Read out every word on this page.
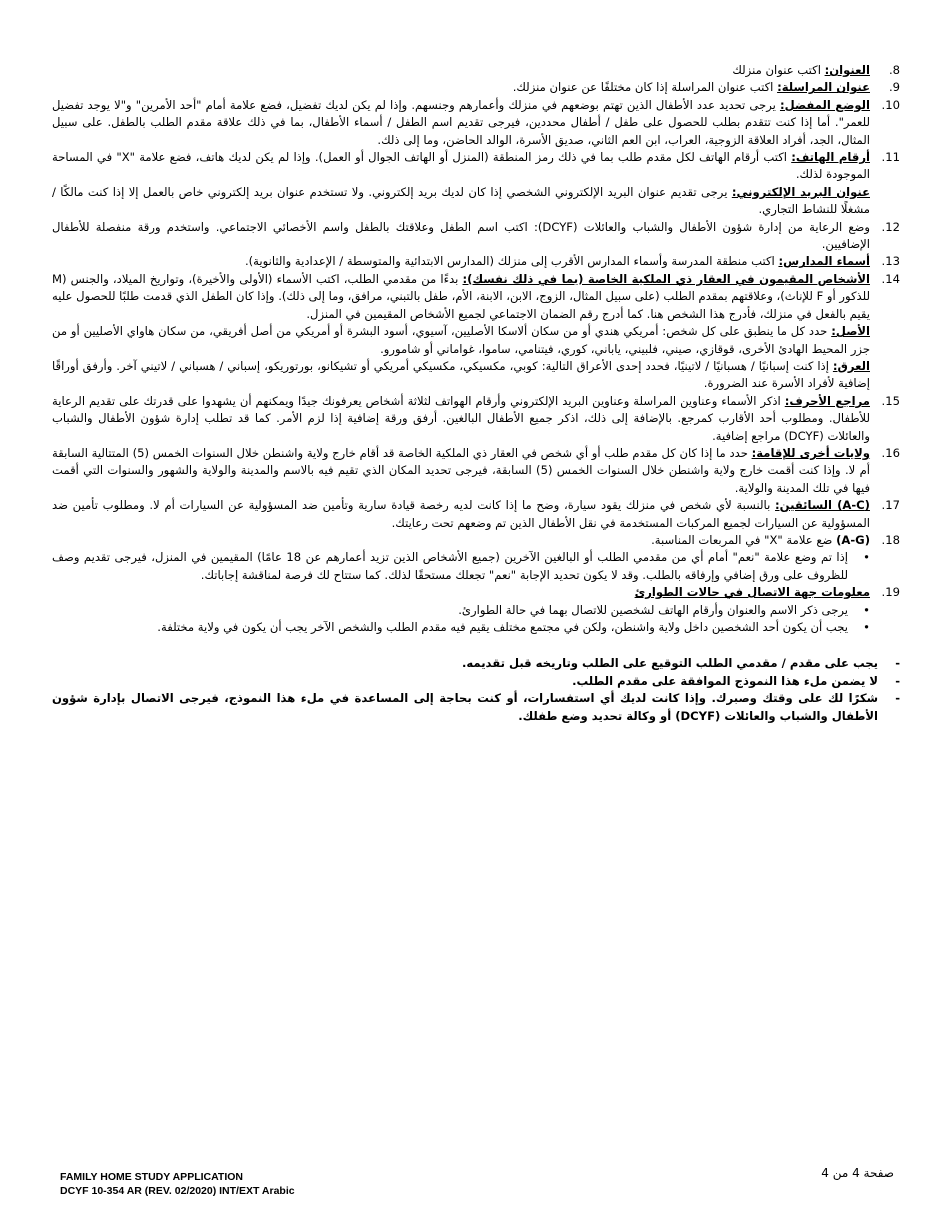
.8
العنوان: اكتب عنوان منزلك
.9
عنوان المراسلة: اكتب عنوان المراسلة إذا كان مختلفًا عن عنوان منزلك.
.10
الوضع المفضل: يرجى تحديد عدد الأطفال الذين تهتم بوضعهم في منزلك وأعمارهم وجنسهم. وإذا لم يكن لديك تفضيل، فضع علامة أمام "أحد الأمرين" و"لا يوجد تفضيل للعمر". أما إذا كنت تتقدم بطلب للحصول على طفل / أطفال محددين، فيرجى تقديم اسم الطفل / أسماء الأطفال، بما في ذلك علاقة مقدم الطلب بالطفل. على سبيل المثال، الجد، أفراد العلاقة الزوجية، العراب، ابن العم الثاني، صديق الأسرة، الوالد الحاضن، وما إلى ذلك.
.11
أرقام الهاتف: اكتب أرقام الهاتف لكل مقدم طلب بما في ذلك رمز المنطقة (المنزل أو الهاتف الجوال أو العمل). وإذا لم يكن لديك هاتف، فضع علامة "X" في المساحة الموجودة لذلك.
عنوان البريد الإلكتروني: يرجى تقديم عنوان البريد الإلكتروني الشخصي إذا كان لديك بريد إلكتروني. ولا تستخدم عنوان بريد إلكتروني خاص بالعمل إلا إذا كنت مالكًا / مشغلًا للنشاط التجاري.
.12
وضع الرعاية من إدارة شؤون الأطفال والشباب والعائلات (DCYF): اكتب اسم الطفل وعلاقتك بالطفل واسم الأخصائي الاجتماعي. واستخدم ورقة منفصلة للأطفال الإضافيين.
.13
أسماء المدارس: اكتب منطقة المدرسة وأسماء المدارس الأقرب إلى منزلك (المدارس الابتدائية والمتوسطة / الإعدادية والثانوية).
.14
الأشخاص المقيمون في العقار ذي الملكية الخاصة (بما في ذلك نفسك): بدءًا من مقدمي الطلب، اكتب الأسماء (الأولى والأخيرة)، وتواريخ الميلاد، والجنس (M للذكور أو F للإناث)، وعلاقتهم بمقدم الطلب (على سبيل المثال، الزوج، الابن، الابنة، الأم، طفل بالتبني، مرافق، وما إلى ذلك). وإذا كان الطفل الذي قدمت طلبًا للحصول عليه يقيم بالفعل في منزلك، فأدرج هذا الشخص هنا. كما أدرج رقم الضمان الاجتماعي لجميع الأشخاص المقيمين في المنزل.
الأصل: حدد كل ما ينطبق على كل شخص: أمريكي هندي أو من سكان ألاسكا الأصليين، آسيوي، أسود البشرة أو أمريكي من أصل أفريقي، من سكان هاواي الأصليين أو من جزر المحيط الهادئ الأخرى، قوقازي، صيني، فلبيني، ياباني، كوري، فيتنامي، ساموا، غواماني أو شامورو.
العرق: إذا كنت إسبانيًا / هسبانيًا / لاتينيًا، فحدد إحدى الأعراق التالية: كوبي، مكسيكي، مكسيكي أمريكي أو تشيكانو، بورتوريكو، إسباني / هسباني / لاتيني آخر. وأرفق أوراقًا إضافية لأفراد الأسرة عند الضرورة.
.15
مراجع الأحرف: اذكر الأسماء وعناوين المراسلة وعناوين البريد الإلكتروني وأرقام الهواتف لثلاثة أشخاص يعرفونك جيدًا ويمكنهم أن يشهدوا على قدرتك على تقديم الرعاية للأطفال. ومطلوب أحد الأقارب كمرجع. بالإضافة إلى ذلك، اذكر جميع الأطفال البالغين. أرفق ورقة إضافية إذا لزم الأمر. كما قد تطلب إدارة شؤون الأطفال والشباب والعائلات (DCYF) مراجع إضافية.
.16
ولايات أخرى للإقامة: حدد ما إذا كان كل مقدم طلب أو أي شخص في العقار ذي الملكية الخاصة قد أقام خارج ولاية واشنطن خلال السنوات الخمس (5) المتتالية السابقة أم لا. وإذا كنت أقمت خارج ولاية واشنطن خلال السنوات الخمس (5) السابقة، فيرجى تحديد المكان الذي تقيم فيه بالاسم والمدينة والولاية والشهور والسنوات التي أقمت فيها في تلك المدينة والولاية.
.17
(A-C) السائقين: بالنسبة لأي شخص في منزلك يقود سيارة، وضح ما إذا كانت لديه رخصة قيادة سارية وتأمين ضد المسؤولية عن السيارات أم لا. ومطلوب تأمين ضد المسؤولية عن السيارات لجميع المركبات المستخدمة في نقل الأطفال الذين تم وضعهم تحت رعايتك.
.18
(A-G) ضع علامة "X" في المربعات المناسبة.
• إذا تم وضع علامة "نعم" أمام أي من مقدمي الطلب أو البالغين الآخرين (جميع الأشخاص الذين تزيد أعمارهم عن 18 عامًا) المقيمين في المنزل، فيرجى تقديم وصف للظروف على ورق إضافي وإرفاقه بالطلب. وقد لا يكون تحديد الإجابة "نعم" تجعلك مستحقًا لذلك. كما ستتاح لك فرصة لمناقشة إجاباتك.
.19
معلومات جهة الاتصال في حالات الطوارئ
• يرجى ذكر الاسم والعنوان وأرقام الهاتف لشخصين للاتصال بهما في حالة الطوارئ.
• يجب أن يكون أحد الشخصين داخل ولاية واشنطن، ولكن في مجتمع مختلف يقيم فيه مقدم الطلب والشخص الآخر يجب أن يكون في ولاية مختلفة.
-
يجب على مقدم / مقدمي الطلب التوقيع على الطلب وتاريخه قبل تقديمه.
-
لا يضمن ملء هذا النموذج الموافقة على مقدم الطلب.
-
شكرًا لك على وقتك وصبرك. وإذا كانت لديك أي استفسارات، أو كنت بحاجة إلى المساعدة في ملء هذا النموذج، فيرجى الاتصال بإدارة شؤون الأطفال والشباب والعائلات (DCYF) أو وكالة تحديد وضع طفلك.
FAMILY HOME STUDY APPLICATION
DCYF 10-354 AR (REV. 02/2020) INT/EXT Arabic
صفحة 4 من 4
